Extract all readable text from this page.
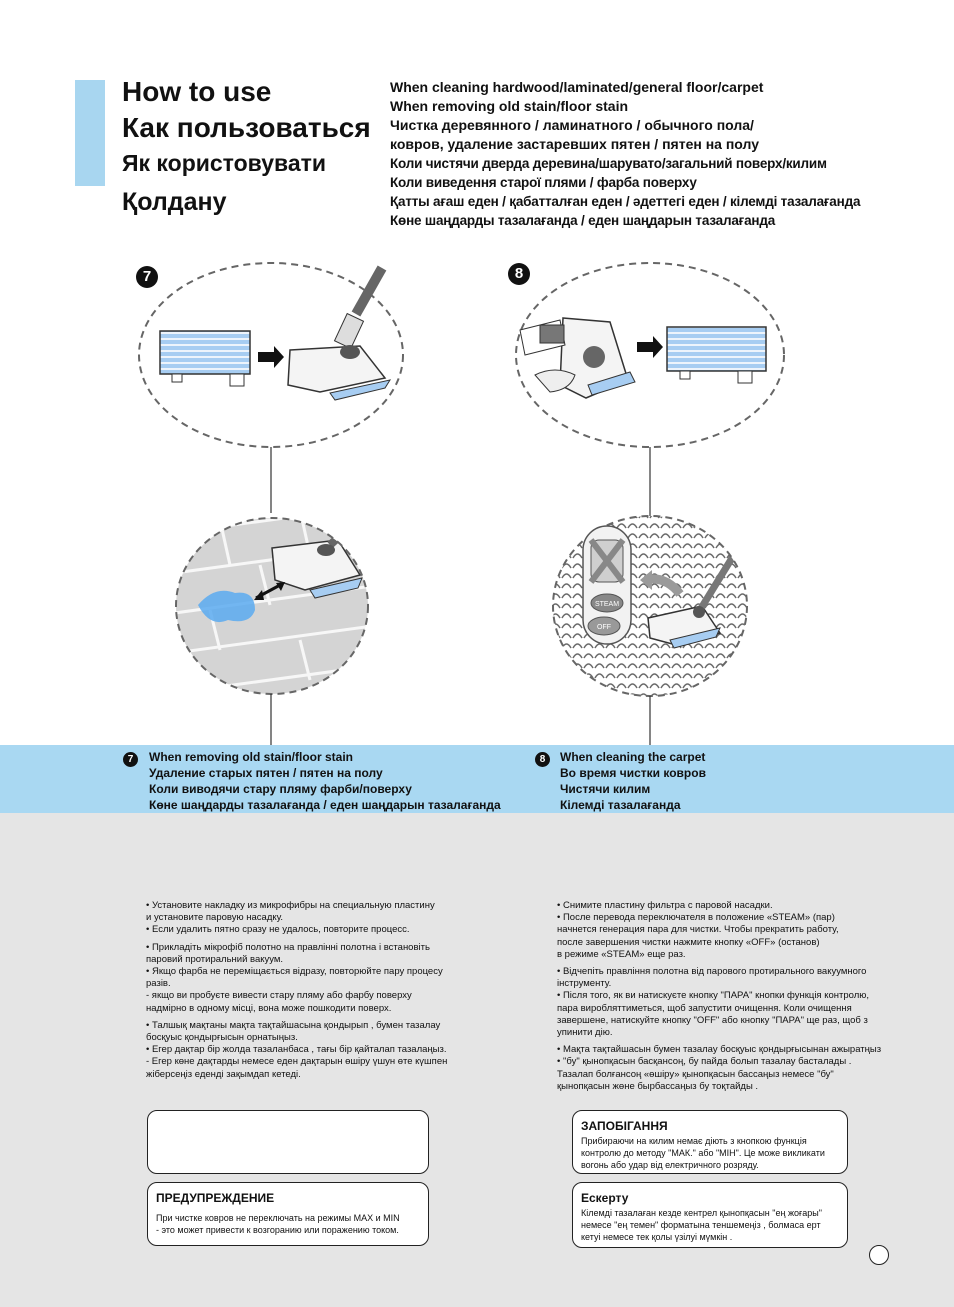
How to use
Как пользоваться
Як користовувати
Қолдану
When cleaning hardwood/laminated/general floor/carpet
When removing old stain/floor stain
Чистка деревянного / ламинатного / обычного пола/
ковров, удаление застаревших пятен / пятен на полу
Коли чистячи дверда деревина/шарувато/загальний поверх/килим
Коли виведення старої плями / фарба поверху
Қатты ағаш еден / қабатталған еден / әдеттегі еден / кілемді тазалағанда
Көне шаңдарды тазалағанда / еден шаңдарын тазалағанда
STEAM
OFF
7	8
7	When removing old stain/floor stain
Удаление старых пятен / пятен на полу
Коли виводячи стару пляму фарби/поверху
Көне шаңдарды тазалағанда / еден шаңдарын тазалағанда
8	When cleaning the carpet
Во время чистки ковров
Чистячи килим
Кілемді тазалағанда

• Установите накладку из микрофибры на специальную пластину

и установите паровую насадку.

• Если удалить пятно сразу не удалось, повторите процесс.

• Прикладіть мікрофіб полотно на правлінні полотна і встановіть

паровий протиральний вакуум.

• Якщо фарба не переміщається відразу, повторюйте пару процесу

разів.

- якщо ви пробуєте вивести стару пляму або фарбу поверху

надмірно в одному місці, вона може пошкодити поверх.

• Талшық мақтаны мақта тақтайшасына қондырып , бумен тазалау

боcқуыс қондырғысын орнатыңыз.

• Егер дақтар бір жолда тазаланбаса , тағы бір қайталап тазалаңыз.

- Егер көне дақтарды немесе еден дақтарын өшіру үшун өте күшпен

жіберсеңіз едендi зақымдап кетеді.

• Снимите пластину фильтра с паровой насадки.

• После перевода переключателя в положение «STEAM» (пар)

начнется генерация пара для чистки. Чтобы прекратить работу,

после завершения чистки нажмите кнопку «OFF» (останов)

в режиме «STEAM» еще раз.

• Відчепіть правління полотна від парового протирального вакуумного

інструменту.

• Після того, як ви натискуєте кнопку "ПАРА" кнопки функція контролю,

пара виробляттиметься, щоб запустити очищення. Коли очищення

завершене, натискуйте кнопку "OFF" або кнопку "ПАРА" ще раз, щоб з

упинити дію.

• Мақта тақтайшасын бумен тазалау боcқуыс қондырғысынан ажыратңыз

• "бу" қынопқасын басқансоң, бу пайда болып тазалау басталады .

Тазалап болғансоң «өшіру» қынопқасын бассаңыз немесе "бу"

қынопқасын жөне бырбассаңыз бу тоқтайды .

ПРЕДУПРЕЖДЕНИЕ
При чистке ковров не переключать на режимы MAX и MIN
- это может привести к возгоранию или поражению током.
ЗАПОБІГАННЯ
Прибираючи на килим немає діють з кнопкою функція
контролю до методу "МАК." або "МІН". Це може викликати
вогонь або удар від електричного розряду.
Ескерту
Кілемді тазалаған кезде кентрел қынопқасын "ең жоғары"
немесе "ең темен" форматына теншемеңіз , болмаса ерт
кетуі немесе тек қолы үзілуі мүмкін .
